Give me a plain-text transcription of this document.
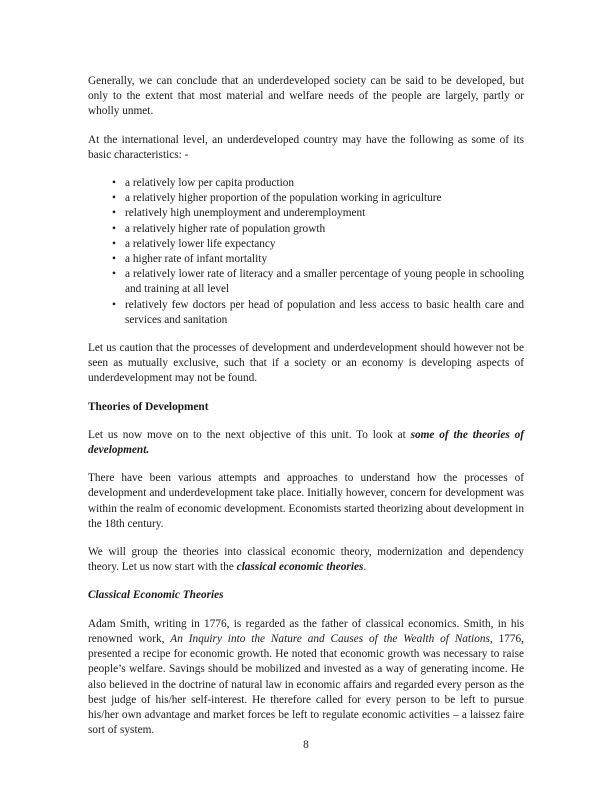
Generally, we can conclude that an underdeveloped society can be said to be developed, but only to the extent that most material and welfare needs of the people are largely, partly or wholly unmet.

At the international level, an underdeveloped country may have the following as some of its basic characteristics: -

• a relatively low per capita production
• a relatively higher proportion of the population working in agriculture
• relatively high unemployment and underemployment
• a relatively higher rate of population growth
• a relatively lower life expectancy
• a higher rate of infant mortality
• a relatively lower rate of literacy and a smaller percentage of young people in schooling and training at all level
• relatively few doctors per head of population and less access to basic health care and services and sanitation

Let us caution that the processes of development and underdevelopment should however not be seen as mutually exclusive, such that if a society or an economy is developing aspects of underdevelopment may not be found.

Theories of Development

Let us now move on to the next objective of this unit. To look at some of the theories of development.

There have been various attempts and approaches to understand how the processes of development and underdevelopment take place. Initially however, concern for development was within the realm of economic development. Economists started theorizing about development in the 18th century.

We will group the theories into classical economic theory, modernization and dependency theory. Let us now start with the classical economic theories.

Classical Economic Theories

Adam Smith, writing in 1776, is regarded as the father of classical economics. Smith, in his renowned work, An Inquiry into the Nature and Causes of the Wealth of Nations, 1776, presented a recipe for economic growth. He noted that economic growth was necessary to raise people’s welfare. Savings should be mobilized and invested as a way of generating income. He also believed in the doctrine of natural law in economic affairs and regarded every person as the best judge of his/her self-interest. He therefore called for every person to be left to pursue his/her own advantage and market forces be left to regulate economic activities – a laissez faire sort of system.

8
